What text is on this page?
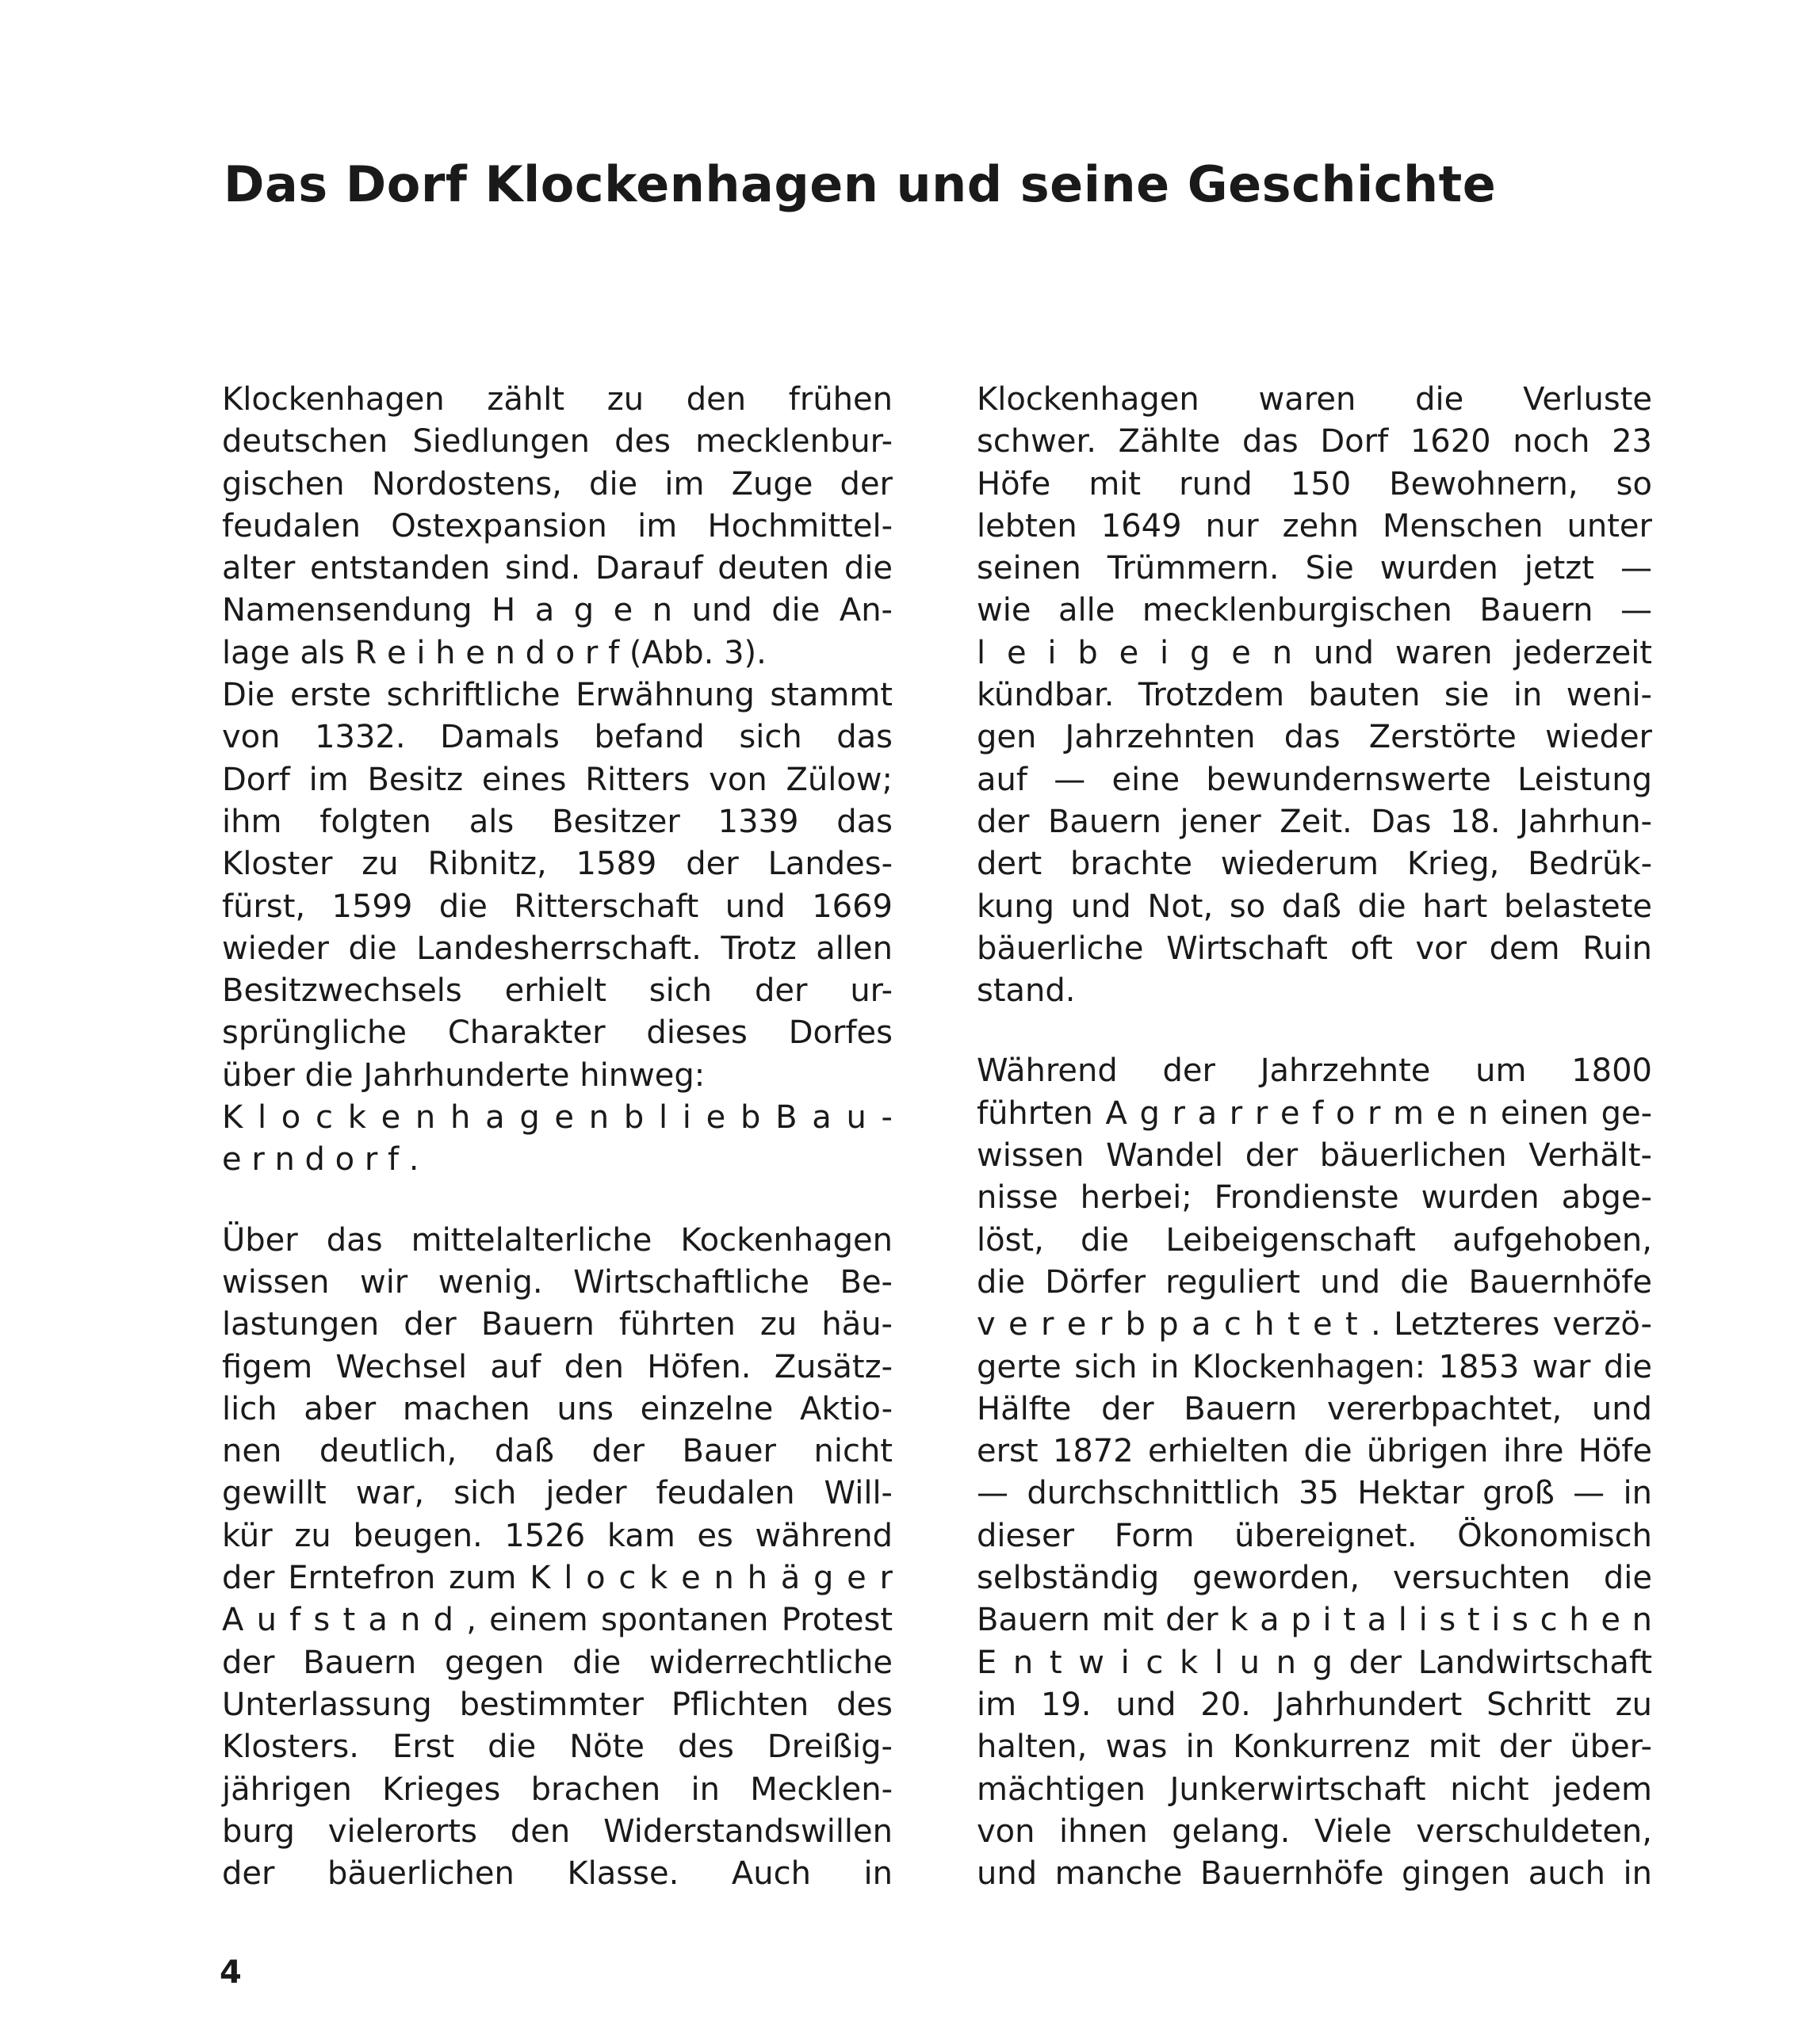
Das Dorf Klockenhagen und seine Geschichte

Klockenhagen zählt zu den frühen
deutschen Siedlungen des mecklenbur-
gischen Nordostens, die im Zuge der
feudalen Ostexpansion im Hochmittel-
alter entstanden sind. Darauf deuten die
Namensendung H a g e n und die An-
lage als R e i h e n d o r f (Abb. 3).
Die erste schriftliche Erwähnung stammt
von 1332. Damals befand sich das
Dorf im Besitz eines Ritters von Zülow;
ihm folgten als Besitzer 1339 das
Kloster zu Ribnitz, 1589 der Landes-
fürst, 1599 die Ritterschaft und 1669
wieder die Landesherrschaft. Trotz allen
Besitzwechsels erhielt sich der ur-
sprüngliche Charakter dieses Dorfes
über die Jahrhunderte hinweg:
K l o c k e n h a g e n b l i e b B a u -
e r n d o r f .

Über das mittelalterliche Kockenhagen
wissen wir wenig. Wirtschaftliche Be-
lastungen der Bauern führten zu häu-
figem Wechsel auf den Höfen. Zusätz-
lich aber machen uns einzelne Aktio-
nen deutlich, daß der Bauer nicht
gewillt war, sich jeder feudalen Will-
kür zu beugen. 1526 kam es während
der Erntefron zum K l o c k e n h ä g e r
A u f s t a n d , einem spontanen Protest
der Bauern gegen die widerrechtliche
Unterlassung bestimmter Pflichten des
Klosters. Erst die Nöte des Dreißig-
jährigen Krieges brachen in Mecklen-
burg vielerorts den Widerstandswillen
der bäuerlichen Klasse. Auch in

Klockenhagen waren die Verluste
schwer. Zählte das Dorf 1620 noch 23
Höfe mit rund 150 Bewohnern, so
lebten 1649 nur zehn Menschen unter
seinen Trümmern. Sie wurden jetzt —
wie alle mecklenburgischen Bauern —
l e i b e i g e n und waren jederzeit
kündbar. Trotzdem bauten sie in weni-
gen Jahrzehnten das Zerstörte wieder
auf — eine bewundernswerte Leistung
der Bauern jener Zeit. Das 18. Jahrhun-
dert brachte wiederum Krieg, Bedrük-
kung und Not, so daß die hart belastete
bäuerliche Wirtschaft oft vor dem Ruin
stand.

Während der Jahrzehnte um 1800
führten A g r a r r e f o r m e n einen ge-
wissen Wandel der bäuerlichen Verhält-
nisse herbei; Frondienste wurden abge-
löst, die Leibeigenschaft aufgehoben,
die Dörfer reguliert und die Bauernhöfe
v e r e r b p a c h t e t . Letzteres verzö-
gerte sich in Klockenhagen: 1853 war die
Hälfte der Bauern vererbpachtet, und
erst 1872 erhielten die übrigen ihre Höfe
— durchschnittlich 35 Hektar groß — in
dieser Form übereignet. Ökonomisch
selbständig geworden, versuchten die
Bauern mit der k a p i t a l i s t i s c h e n
E n t w i c k l u n g der Landwirtschaft
im 19. und 20. Jahrhundert Schritt zu
halten, was in Konkurrenz mit der über-
mächtigen Junkerwirtschaft nicht jedem
von ihnen gelang. Viele verschuldeten,
und manche Bauernhöfe gingen auch in

4
